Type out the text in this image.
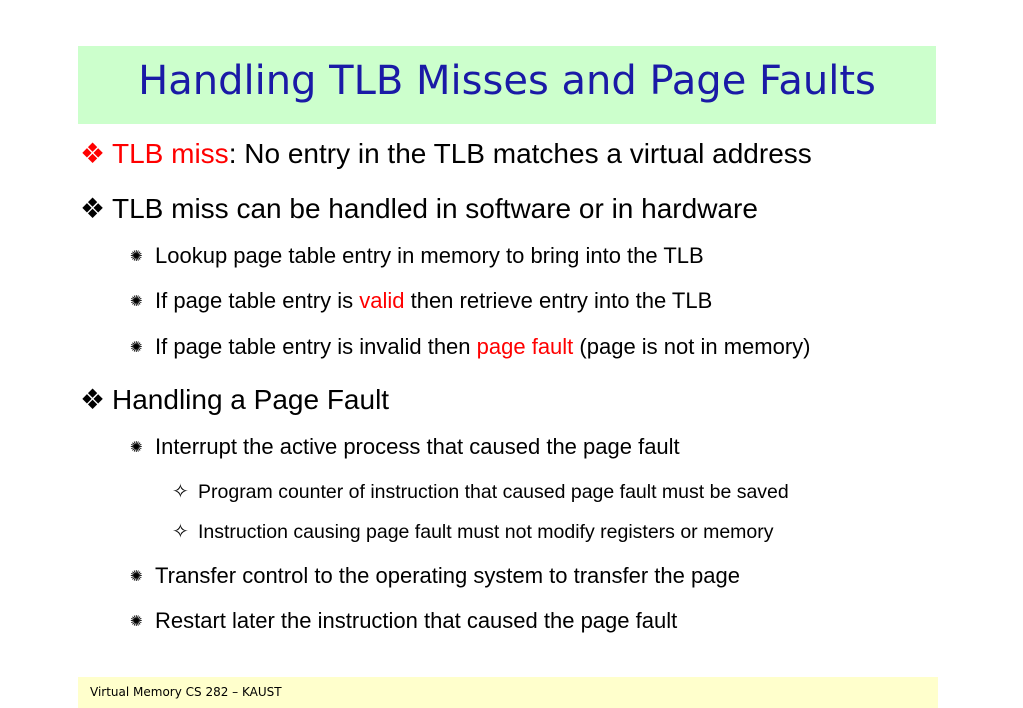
Handling TLB Misses and Page Faults
❖ TLB miss: No entry in the TLB matches a virtual address
❖ TLB miss can be handled in software or in hardware
✺ Lookup page table entry in memory to bring into the TLB
✺ If page table entry is valid then retrieve entry into the TLB
✺ If page table entry is invalid then page fault (page is not in memory)
❖ Handling a Page Fault
✺ Interrupt the active process that caused the page fault
✧ Program counter of instruction that caused page fault must be saved
✧ Instruction causing page fault must not modify registers or memory
✺ Transfer control to the operating system to transfer the page
✺ Restart later the instruction that caused the page fault
Virtual Memory CS 282 – KAUST
